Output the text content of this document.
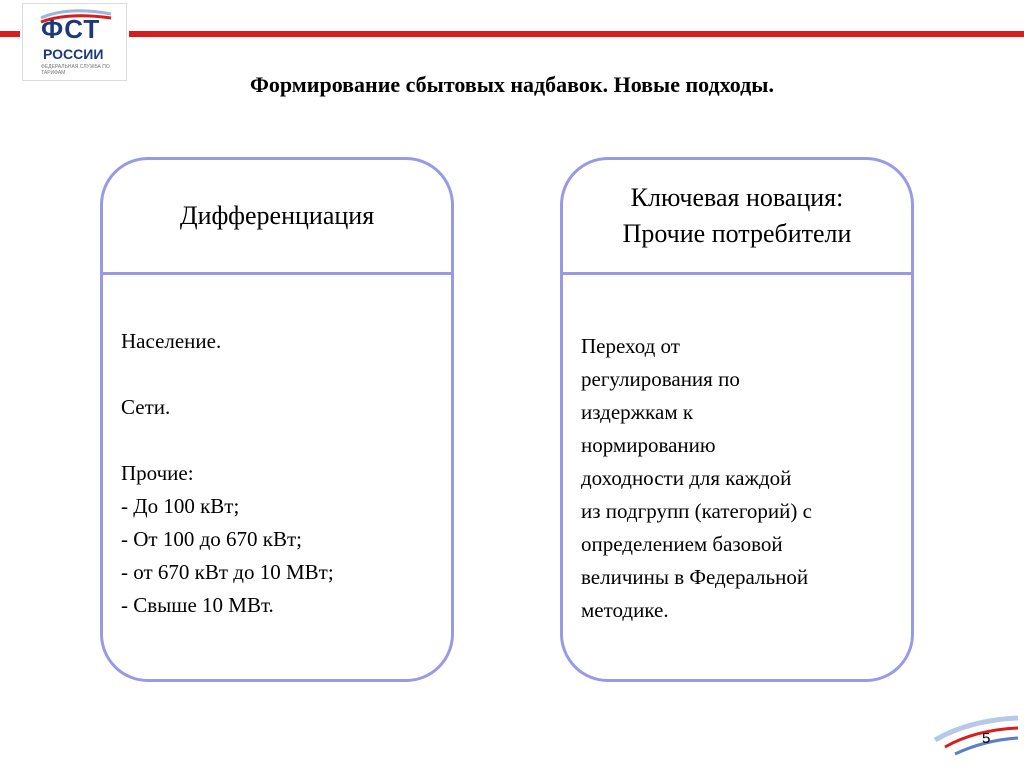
ФСТ
РОССИИ
ФЕДЕРАЛЬНАЯ СЛУЖБА ПО ТАРИФАМ	Формирование сбытовых надбавок. Новые подходы.
Дифференциация
Население.
Сети.
Прочие:
- До 100 кВт;
- От 100 до 670 кВт;
- от 670 кВт до 10 МВт;
- Свыше 10 МВт.
Ключевая новация:
Прочие потребители
Переход от
регулирования по
издержкам к
нормированию
доходности для каждой
из подгрупп (категорий) с
определением базовой
величины в Федеральной
методике.
5
